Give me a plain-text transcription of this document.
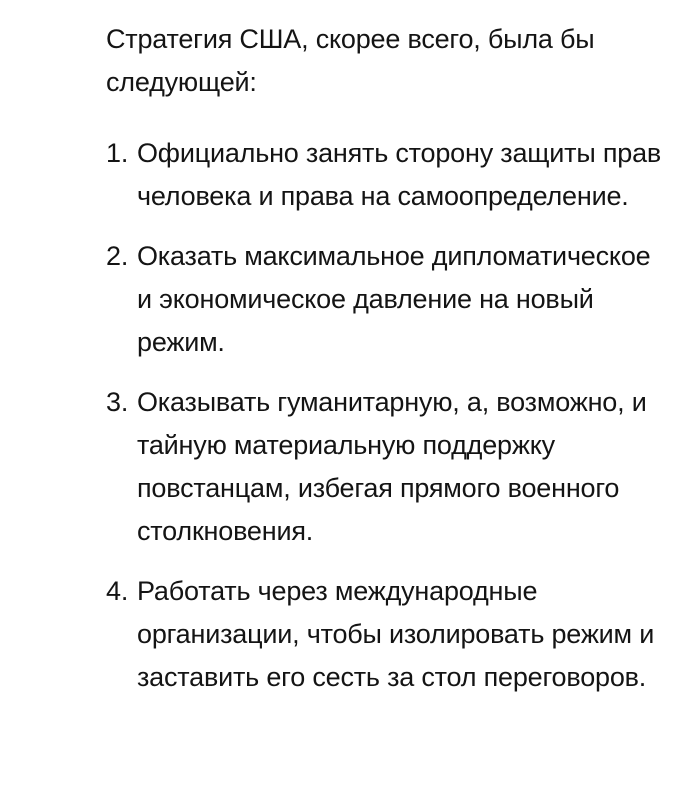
Стратегия США, скорее всего, была бы следующей:

1. Официально занять сторону защиты прав человека и права на самоопределение.
2. Оказать максимальное дипломатическое и экономическое давление на новый режим.
3. Оказывать гуманитарную, а, возможно, и тайную материальную поддержку повстанцам, избегая прямого военного столкновения.
4. Работать через международные организации, чтобы изолировать режим и заставить его сесть за стол переговоров.
